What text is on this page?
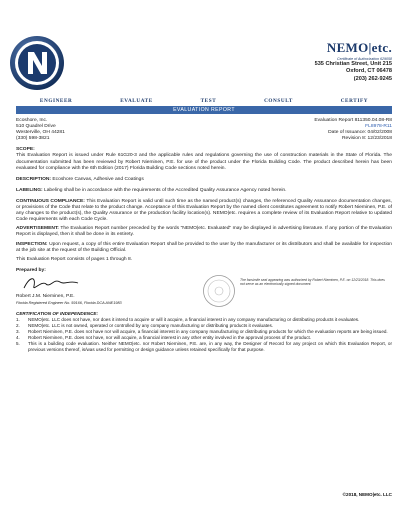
NEMO|etc.
Certificate of Authorization 629058
535 Christian Street, Unit 215
Oxford, CT 06478
(203) 262-9245
ENGINEER	EVALUATE	TEST	CONSULT	CERTIFY
EVALUATION REPORT
Ecoshore, Inc.
510 Quadrel Drive
Westerville, OH 44281
(330) 598-3821
Evaluation Report 811350.04.08-R8
FL8978-R11
Date of Issuance: 04/02/2008
Revision 8: 12/23/2018
SCOPE:
This Evaluation Report is issued under Rule 61G20-3 and the applicable rules and regulations governing the use of construction materials in the State of Florida. The documentation submitted has been reviewed by Robert Nieminen, P.E. for use of the product under the Florida Building Code. The product described herein has been evaluated for compliance with the 6th Edition (2017) Florida Building Code sections noted herein.
DESCRIPTION: Ecoshore Canvas, Adhesive and Coatings
LABELING: Labeling shall be in accordance with the requirements of the Accredited Quality Assurance Agency noted herein.
CONTINUOUS COMPLIANCE: This Evaluation Report is valid until such time as the named product(s) changes, the referenced Quality Assurance documentation changes, or provisions of the Code that relate to the product change. Acceptance of this Evaluation Report by the named client constitutes agreement to notify Robert Nieminen, P.E. of any changes to the product(s), the Quality Assurance or the production facility location(s). NEMO|etc. requires a complete review of its Evaluation Report relative to updated Code requirements with each Code Cycle.
ADVERTISEMENT: The Evaluation Report number preceded by the words "NEMO|etc. Evaluated" may be displayed in advertising literature. If any portion of the Evaluation Report is displayed, then it shall be done in its entirety.
INSPECTION: Upon request, a copy of this entire Evaluation Report shall be provided to the user by the manufacturer or its distributors and shall be available for inspection at the job site at the request of the Building Official.
This Evaluation Report consists of pages 1 through 8.
Prepared by:
Robert J.M. Nieminen, P.E.
Florida Registered Engineer No. 59166, Florida DCA ANE1983
The facsimile seal appearing was authorized by Robert Nieminen, P.E. on 12/23/2018. This does not serve as an electronically signed document.
CERTIFICATION OF INDEPENDENCE:
1.	NEMO|etc. LLC does not have, nor does it intend to acquire or will it acquire, a financial interest in any company manufacturing or distributing products it evaluates.
2.	NEMO|etc. LLC is not owned, operated or controlled by any company manufacturing or distributing products it evaluates.
3.	Robert Nieminen, P.E. does not have nor will acquire, a financial interest in any company manufacturing or distributing products for which the evaluation reports are being issued.
4.	Robert Nieminen, P.E. does not have, nor will acquire, a financial interest in any other entity involved in the approval process of the product.
5.	This is a building code evaluation. Neither NEMO|etc. nor Robert Nieminen, P.E. are, in any way, the Designer of Record for any project on which this Evaluation Report, or previous versions thereof, is/was used for permitting or design guidance unless retained specifically for that purpose.
©2018, NEMO|etc. LLC
